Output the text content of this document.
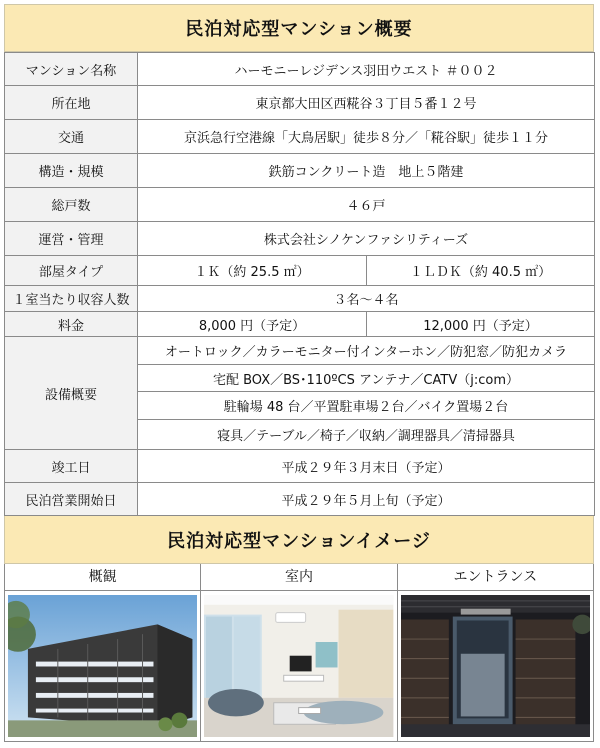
民泊対応型マンション概要
マンション名称	ハーモニーレジデンス羽田ウエスト ＃００２	
所在地	東京都大田区西糀谷３丁目５番１２号	
交通	京浜急行空港線「大鳥居駅」徒歩８分／「糀谷駅」徒歩１１分	
構造・規模	鉄筋コンクリート造　地上５階建	
総戸数	４６戸	
運営・管理	株式会社シノケンファシリティーズ	
部屋タイプ	１Ｋ（約 25.5 ㎡）	１ＬＤＫ（約 40.5 ㎡）
１室当たり収容人数	３名～４名	
料金	8,000 円（予定）	12,000 円（予定）
設備概要	オートロック／カラーモニター付インターホン／防犯窓／防犯カメラ	
	宅配 BOX／BS･110ºCS アンテナ／CATV（j:com）	
	駐輪場 48 台／平置駐車場２台／バイク置場２台	
	寝具／テーブル／椅子／収納／調理器具／清掃器具	
竣工日	平成２９年３月末日（予定）	
民泊営業開始日	平成２９年５月上旬（予定）	
民泊対応型マンションイメージ
概観	室内	エントランス
